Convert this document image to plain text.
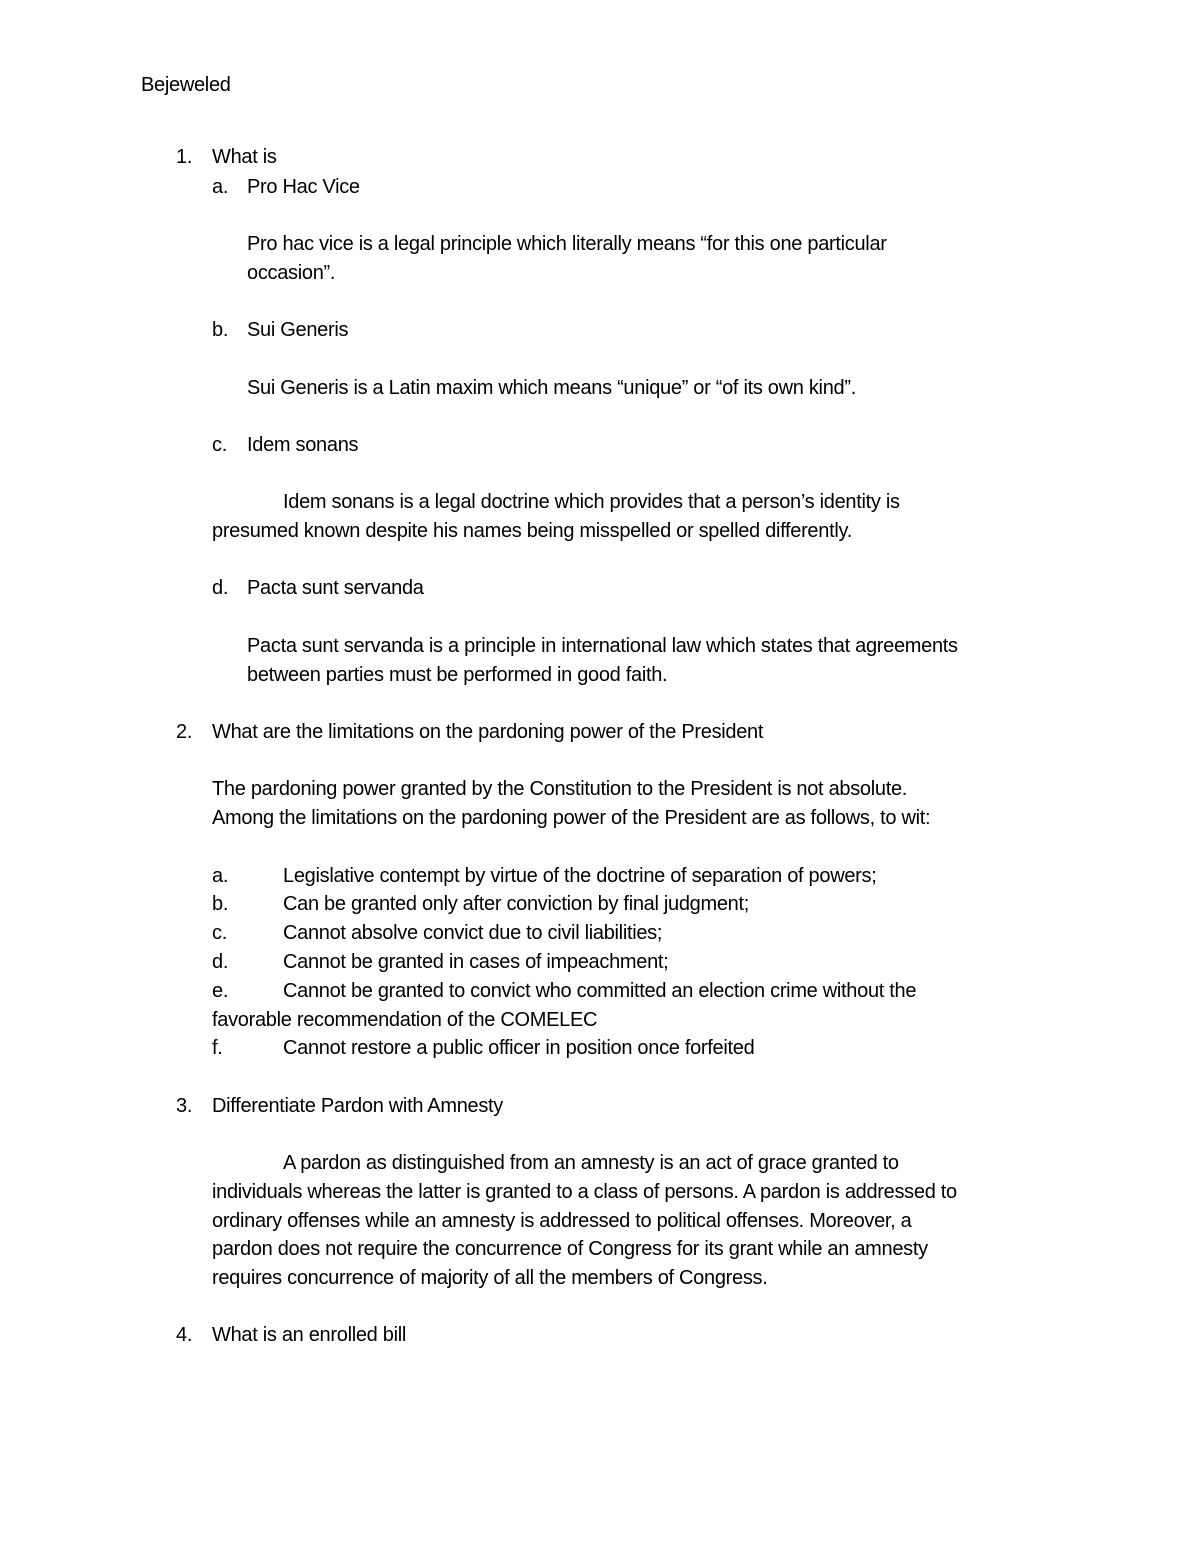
Bejeweled
1. What is
a. Pro Hac Vice
Pro hac vice is a legal principle which literally means “for this one particular
occasion”.
b. Sui Generis
Sui Generis is a Latin maxim which means “unique” or “of its own kind”.
c. Idem sonans
Idem sonans is a legal doctrine which provides that a person’s identity is
presumed known despite his names being misspelled or spelled differently.
d. Pacta sunt servanda
Pacta sunt servanda is a principle in international law which states that agreements
between parties must be performed in good faith.
2. What are the limitations on the pardoning power of the President
The pardoning power granted by the Constitution to the President is not absolute.
Among the limitations on the pardoning power of the President are as follows, to wit:
a.	Legislative contempt by virtue of the doctrine of separation of powers;
b.	Can be granted only after conviction by final judgment;
c.	Cannot absolve convict due to civil liabilities;
d.	Cannot be granted in cases of impeachment;
e.	Cannot be granted to convict who committed an election crime without the
favorable recommendation of the COMELEC
f.	Cannot restore a public officer in position once forfeited
3. Differentiate Pardon with Amnesty
A pardon as distinguished from an amnesty is an act of grace granted to
individuals whereas the latter is granted to a class of persons. A pardon is addressed to
ordinary offenses while an amnesty is addressed to political offenses. Moreover, a
pardon does not require the concurrence of Congress for its grant while an amnesty
requires concurrence of majority of all the members of Congress.
4. What is an enrolled bill
